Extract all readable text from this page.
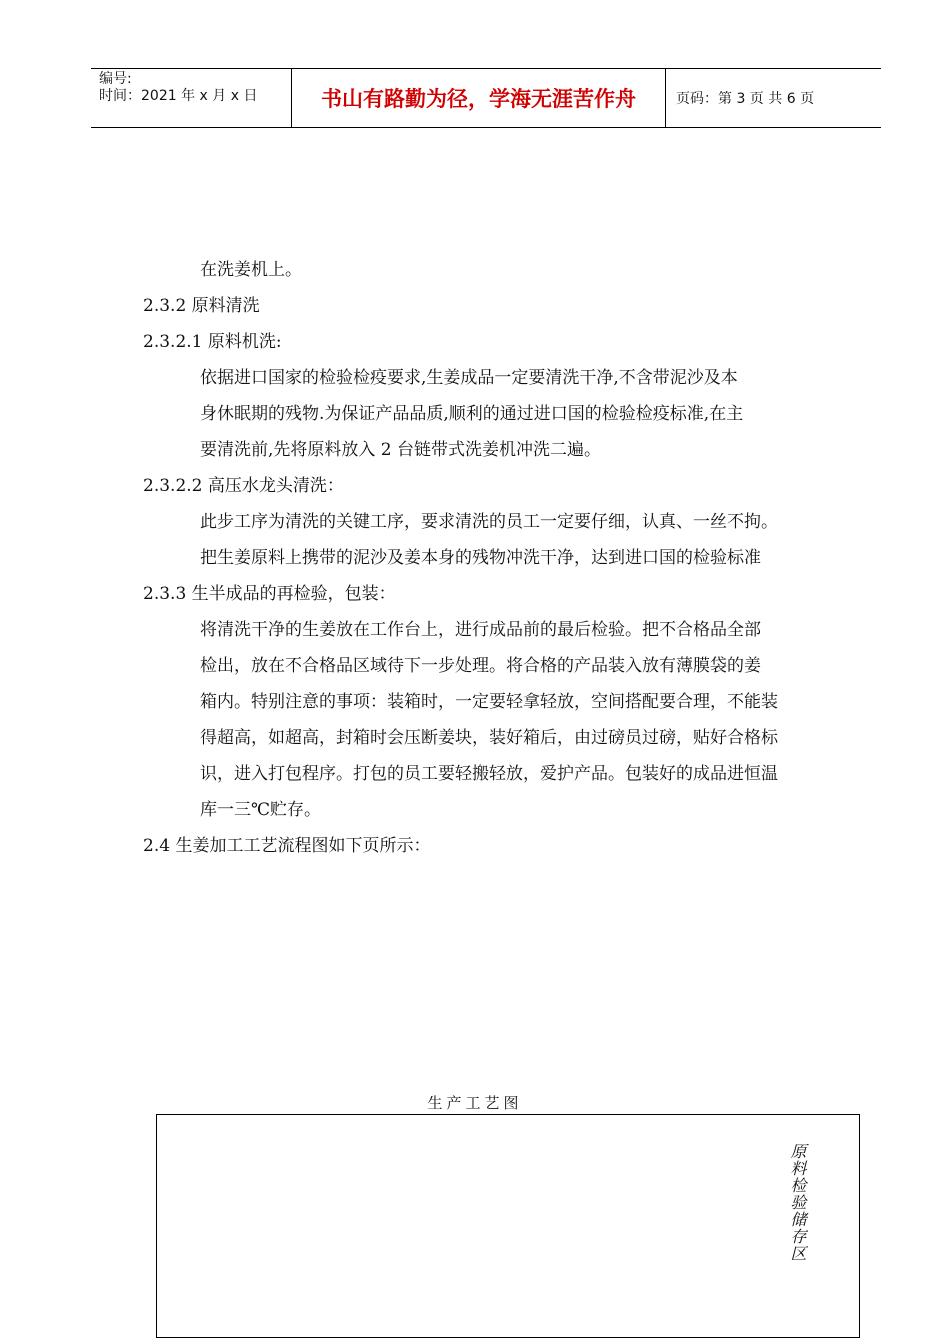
编号:
时间：2021 年 x 月 x 日	书山有路勤为径，学海无涯苦作舟	页码：第 3 页 共 6 页
在洗姜机上。
2.3.2 原料清洗
2.3.2.1 原料机洗:
依据进口国家的检验检疫要求,生姜成品一定要清洗干净,不含带泥沙及本
身休眠期的残物.为保证产品品质,顺利的通过进口国的检验检疫标准,在主
要清洗前,先将原料放入 2 台链带式洗姜机冲洗二遍。
2.3.2.2 高压水龙头清洗：
此步工序为清洗的关键工序，要求清洗的员工一定要仔细，认真、一丝不拘。
把生姜原料上携带的泥沙及姜本身的残物冲洗干净，达到进口国的检验标准
2.3.3 生半成品的再检验，包装：
将清洗干净的生姜放在工作台上，进行成品前的最后检验。把不合格品全部
检出，放在不合格品区域待下一步处理。将合格的产品装入放有薄膜袋的姜
箱内。特别注意的事项：装箱时，一定要轻拿轻放，空间搭配要合理，不能装
得超高，如超高，封箱时会压断姜块，装好箱后，由过磅员过磅，贴好合格标
识，进入打包程序。打包的员工要轻搬轻放，爱护产品。包装好的成品进恒温
库一三℃贮存。
2.4 生姜加工工艺流程图如下页所示：
生产工艺图
原料检验储存区
